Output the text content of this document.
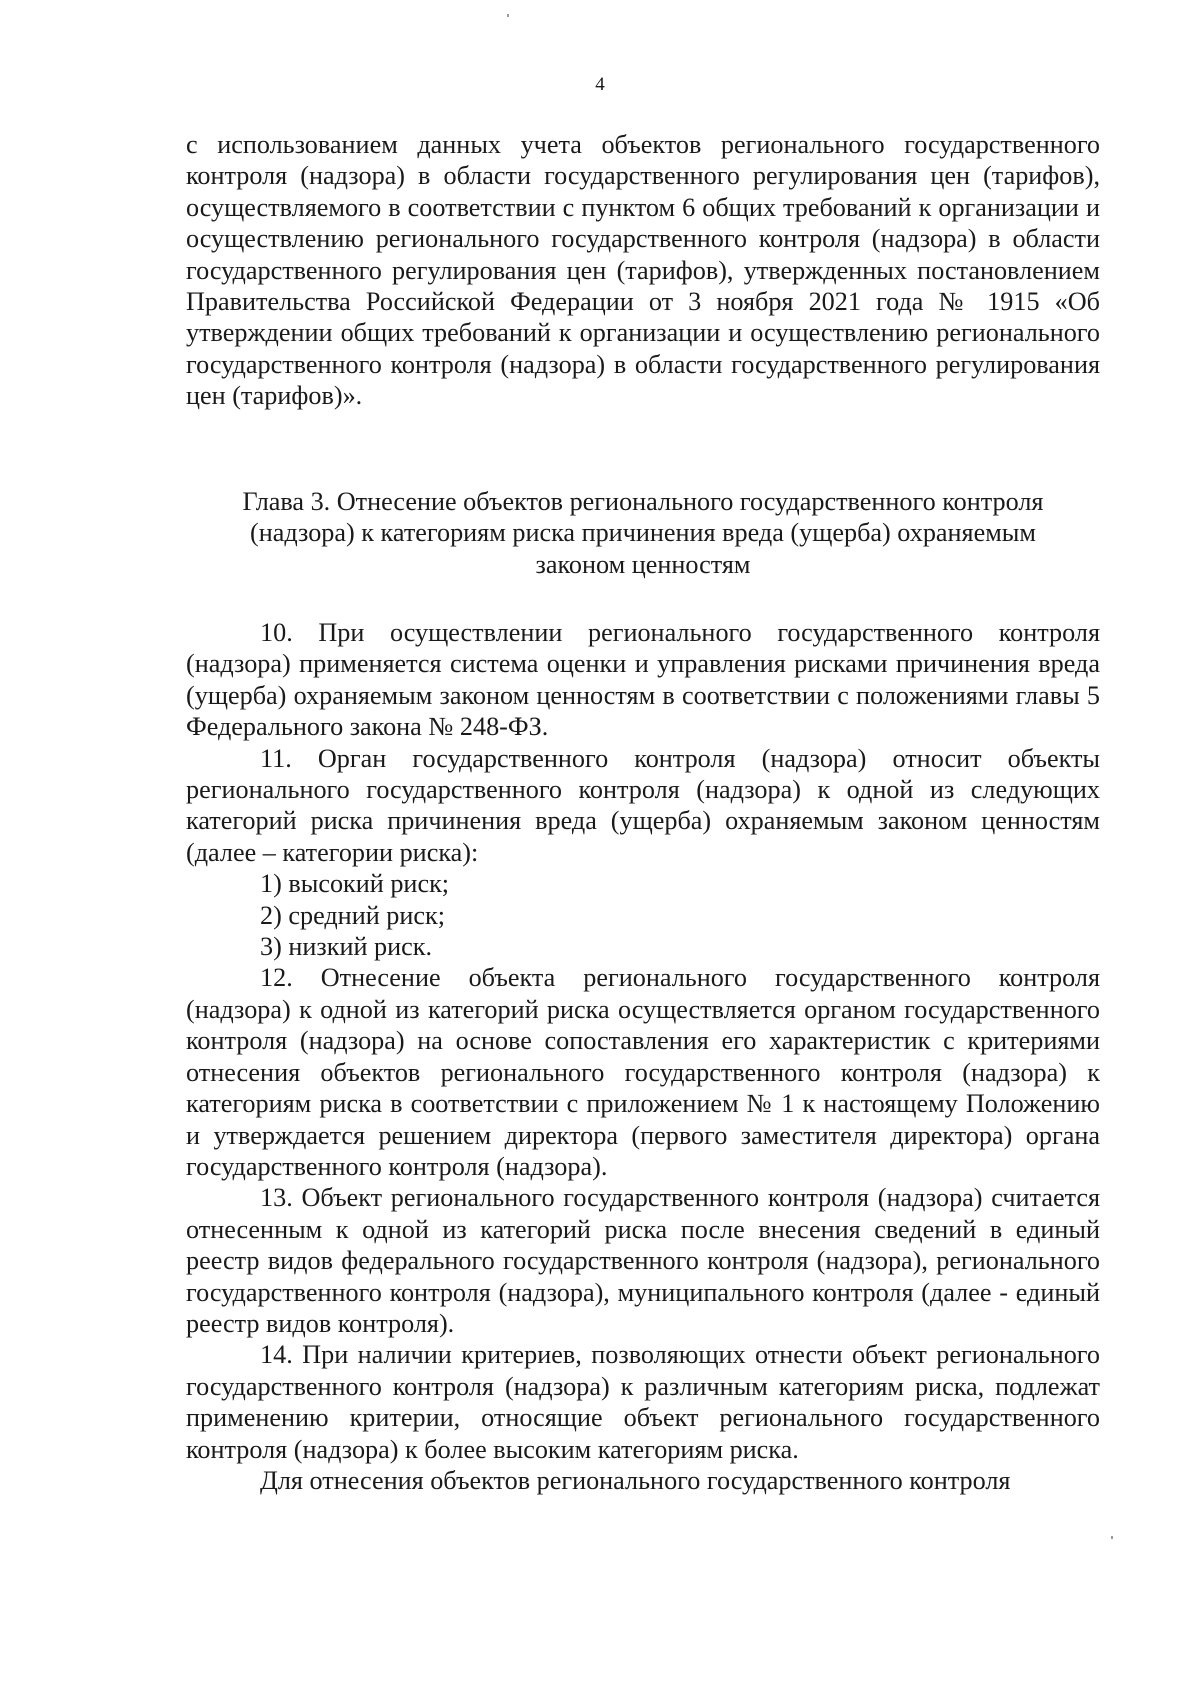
4

с использованием данных учета объектов регионального государственного контроля (надзора) в области государственного регулирования цен (тарифов), осуществляемого в соответствии с пунктом 6 общих требований к организации и осуществлению регионального государственного контроля (надзора) в области государственного регулирования цен (тарифов), утвержденных постановлением Правительства Российской Федерации от 3 ноября 2021 года № 1915 «Об утверждении общих требований к организации и осуществлению регионального государственного контроля (надзора) в области государственного регулирования цен (тарифов)».

Глава 3. Отнесение объектов регионального государственного контроля
(надзора) к категориям риска причинения вреда (ущерба) охраняемым
законом ценностям

10. При осуществлении регионального государственного контроля (надзора) применяется система оценки и управления рисками причинения вреда (ущерба) охраняемым законом ценностям в соответствии с положениями главы 5 Федерального закона № 248-ФЗ.

11. Орган государственного контроля (надзора) относит объекты регионального государственного контроля (надзора) к одной из следующих категорий риска причинения вреда (ущерба) охраняемым законом ценностям (далее – категории риска):

1) высокий риск;

2) средний риск;

3) низкий риск.

12. Отнесение объекта регионального государственного контроля (надзора) к одной из категорий риска осуществляется органом государственного контроля (надзора) на основе сопоставления его характеристик с критериями отнесения объектов регионального государственного контроля (надзора) к категориям риска в соответствии с приложением № 1 к настоящему Положению и утверждается решением директора (первого заместителя директора) органа государственного контроля (надзора).

13. Объект регионального государственного контроля (надзора) считается отнесенным к одной из категорий риска после внесения сведений в единый реестр видов федерального государственного контроля (надзора), регионального государственного контроля (надзора), муниципального контроля (далее - единый реестр видов контроля).

14. При наличии критериев, позволяющих отнести объект регионального государственного контроля (надзора) к различным категориям риска, подлежат применению критерии, относящие объект регионального государственного контроля (надзора) к более высоким категориям риска.

Для отнесения объектов регионального государственного контроля
